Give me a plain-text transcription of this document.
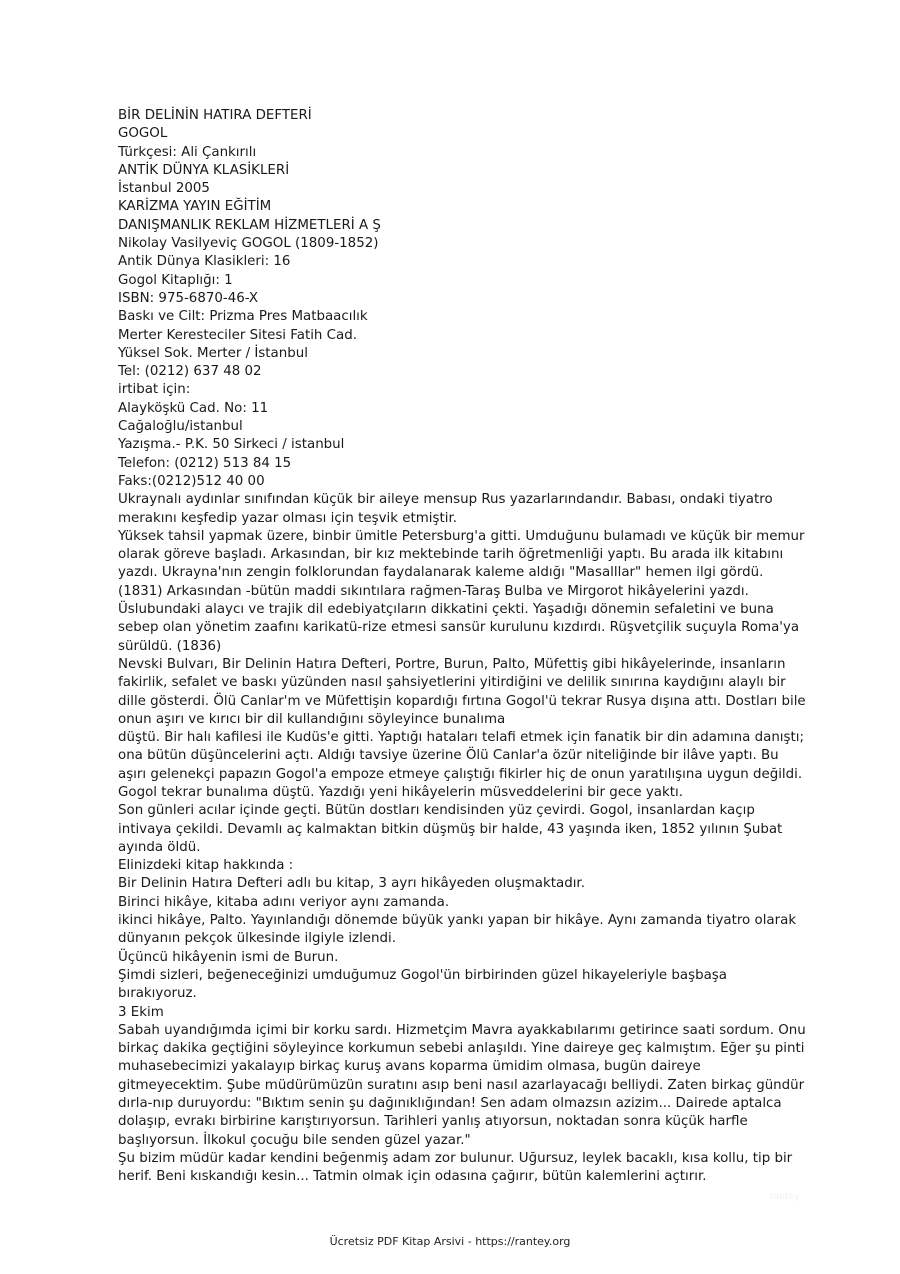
BİR DELİNİN HATIRA DEFTERİ

GOGOL

Türkçesi: Ali Çankırılı

ANTİK DÜNYA KLASİKLERİ

İstanbul 2005

KARİZMA YAYIN EĞİTİM

DANIŞMANLIK REKLAM HİZMETLERİ A Ş

Nikolay Vasilyeviç GOGOL (1809-1852)

Antik Dünya Klasikleri: 16

Gogol Kitaplığı: 1

ISBN: 975-6870-46-X

Baskı ve Cilt: Prizma Pres Matbaacılık

Merter Keresteciler Sitesi Fatih Cad.

Yüksel Sok. Merter / İstanbul

Tel: (0212) 637 48 02

irtibat için:

Alayköşkü Cad. No: 11

Cağaloğlu/istanbul

Yazışma.- P.K. 50 Sirkeci / istanbul

Telefon: (0212) 513 84 15

Faks:(0212)512 40 00

Ukraynalı aydınlar sınıfından küçük bir aileye mensup Rus yazarlarındandır. Babası, ondaki tiyatro merakını keşfedip yazar olması için teşvik etmiştir.

Yüksek tahsil yapmak üzere, binbir ümitle Petersburg'a gitti. Umduğunu bulamadı ve küçük bir memur olarak göreve başladı. Arkasından, bir kız mektebinde tarih öğretmenliği yaptı. Bu arada ilk kitabını yazdı. Ukrayna'nın zengin folklorundan faydalanarak kaleme aldığı "Masalllar" hemen ilgi gördü. (1831) Arkasından -bütün maddi sıkıntılara rağmen-Taraş Bulba ve Mirgorot hikâyelerini yazdı. Üslubundaki alaycı ve trajik dil edebiyatçıların dikkatini çekti. Yaşadığı dönemin sefaletini ve buna sebep olan yönetim zaafını karikatü-rize etmesi sansür kurulunu kızdırdı. Rüşvetçilik suçuyla Roma'ya sürüldü. (1836)

Nevski Bulvarı, Bir Delinin Hatıra Defteri, Portre, Burun, Palto, Müfettiş gibi hikâyelerinde, insanların fakirlik, sefalet ve baskı yüzünden nasıl şahsiyetlerini yitirdiğini ve delilik sınırına kaydığını alaylı bir dille gösterdi. Ölü Canlar'm ve Müfettişin kopardığı fırtına Gogol'ü tekrar Rusya dışına attı. Dostları bile onun aşırı ve kırıcı bir dil kullandığını söyleyince bunalıma

düştü. Bir halı kafilesi ile Kudüs'e gitti. Yaptığı hataları telafi etmek için fanatik bir din adamına danıştı; ona bütün düşüncelerini açtı. Aldığı tavsiye üzerine Ölü Canlar'a özür niteliğinde bir ilâve yaptı. Bu aşırı gelenekçi papazın Gogol'a empoze etmeye çalıştığı fikirler hiç de onun yaratılışına uygun değildi. Gogol tekrar bunalıma düştü. Yazdığı yeni hikâyelerin müsveddelerini bir gece yaktı.

Son günleri acılar içinde geçti. Bütün dostları kendisinden yüz çevirdi. Gogol, insanlardan kaçıp intivaya çekildi. Devamlı aç kalmaktan bitkin düşmüş bir halde, 43 yaşında iken, 1852 yılının Şubat ayında öldü.

Elinizdeki kitap hakkında :

Bir Delinin Hatıra Defteri adlı bu kitap, 3 ayrı hikâyeden oluşmaktadır.

Birinci hikâye, kitaba adını veriyor aynı zamanda.

ikinci hikâye, Palto. Yayınlandığı dönemde büyük yankı yapan bir hikâye. Aynı zamanda tiyatro olarak dünyanın pekçok ülkesinde ilgiyle izlendi.

Üçüncü hikâyenin ismi de Burun.

Şimdi sizleri, beğeneceğinizi umduğumuz Gogol'ün birbirinden güzel hikayeleriyle başbaşa bırakıyoruz.

3 Ekim

Sabah uyandığımda içimi bir korku sardı. Hizmetçim Mavra ayakkabılarımı getirince saati sordum. Onu birkaç dakika geçtiğini söyleyince korkumun sebebi anlaşıldı. Yine daireye geç kalmıştım. Eğer şu pinti muhasebecimizi yakalayıp birkaç kuruş avans koparma ümidim olmasa, bugün daireye gitmeyecektim. Şube müdürümüzün suratını asıp beni nasıl azarlayacağı belliydi. Zaten birkaç gündür dırla-nıp duruyordu: "Bıktım senin şu dağınıklığından! Sen adam olmazsın azizim... Dairede aptalca dolaşıp, evrakı birbirine karıştırıyorsun. Tarihleri yanlış atıyorsun, noktadan sonra küçük harfle başlıyorsun. İlkokul çocuğu bile senden güzel yazar."

Şu bizim müdür kadar kendini beğenmiş adam zor bulunur. Uğursuz, leylek bacaklı, kısa kollu, tip bir herif. Beni kıskandığı kesin... Tatmin olmak için odasına çağırır, bütün kalemlerini açtırır.

rantey
Ücretsiz PDF Kitap Arsivi - https://rantey.org
